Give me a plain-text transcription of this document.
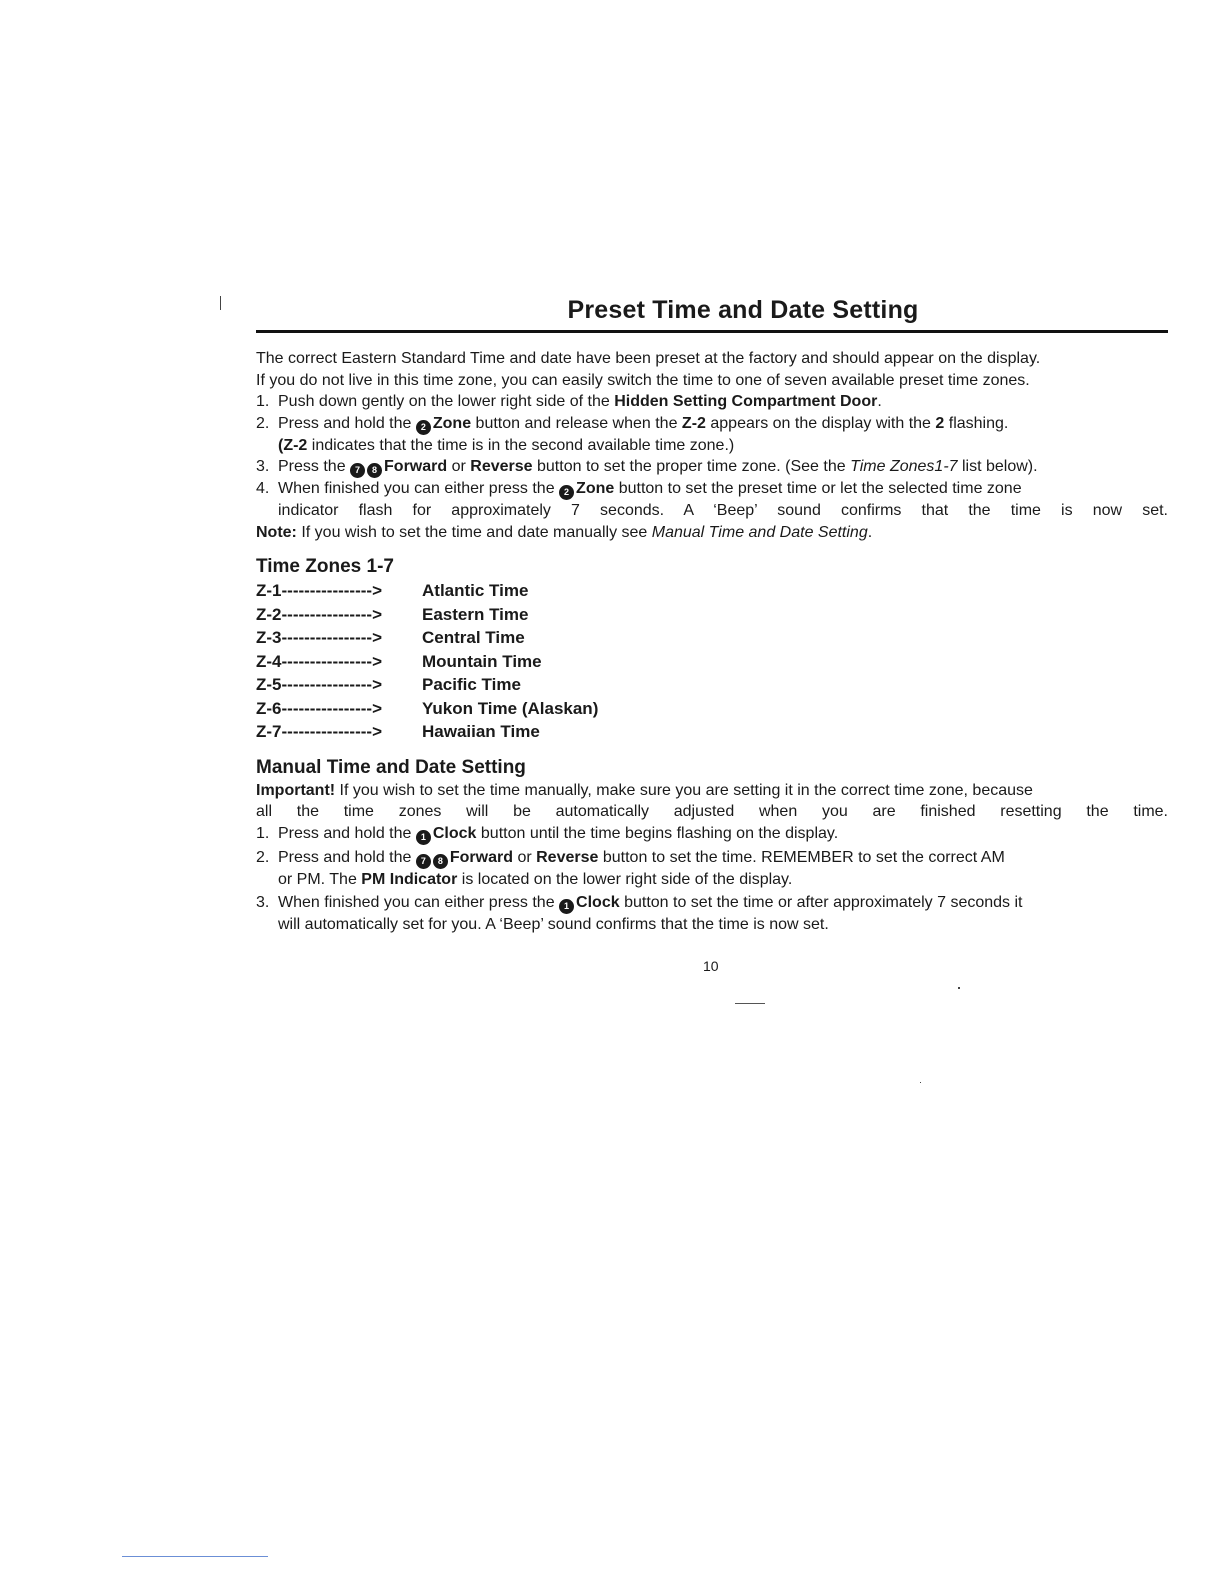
Preset Time and Date Setting

The correct Eastern Standard Time and date have been preset at the factory and should appear on the display.

If you do not live in this time zone, you can easily switch the time to one of seven available preset time zones.

1. Push down gently on the lower right side of the Hidden Setting Compartment Door.
2. Press and hold the 2 Zone button and release when the Z-2 appears on the display with the 2 flashing.
(Z-2 indicates that the time is in the second available time zone.)
3. Press the 7 8 Forward or Reverse button to set the proper time zone. (See the Time Zones1-7 list below).
4. When finished you can either press the 2 Zone button to set the preset time or let the selected time zone
indicator flash for approximately 7 seconds. A ‘Beep’ sound confirms that the time is now set.

Note: If you wish to set the time and date manually see Manual Time and Date Setting.

Time Zones 1-7
Z-1---------------->	Atlantic Time
Z-2---------------->	Eastern Time
Z-3---------------->	Central Time
Z-4---------------->	Mountain Time
Z-5---------------->	Pacific Time
Z-6---------------->	Yukon Time (Alaskan)
Z-7---------------->	Hawaiian Time
Manual Time and Date Setting

Important! If you wish to set the time manually, make sure you are setting it in the correct time zone, because

all the time zones will be automatically adjusted when you are finished resetting the time.

1. Press and hold the 1 Clock button until the time begins flashing on the display.
2. Press and hold the 7 8 Forward or Reverse button to set the time. REMEMBER to set the correct AM
or PM. The PM Indicator is located on the lower right side of the display.
3. When finished you can either press the 1 Clock button to set the time or after approximately 7 seconds it
will automatically set for you. A ‘Beep’ sound confirms that the time is now set.
10
